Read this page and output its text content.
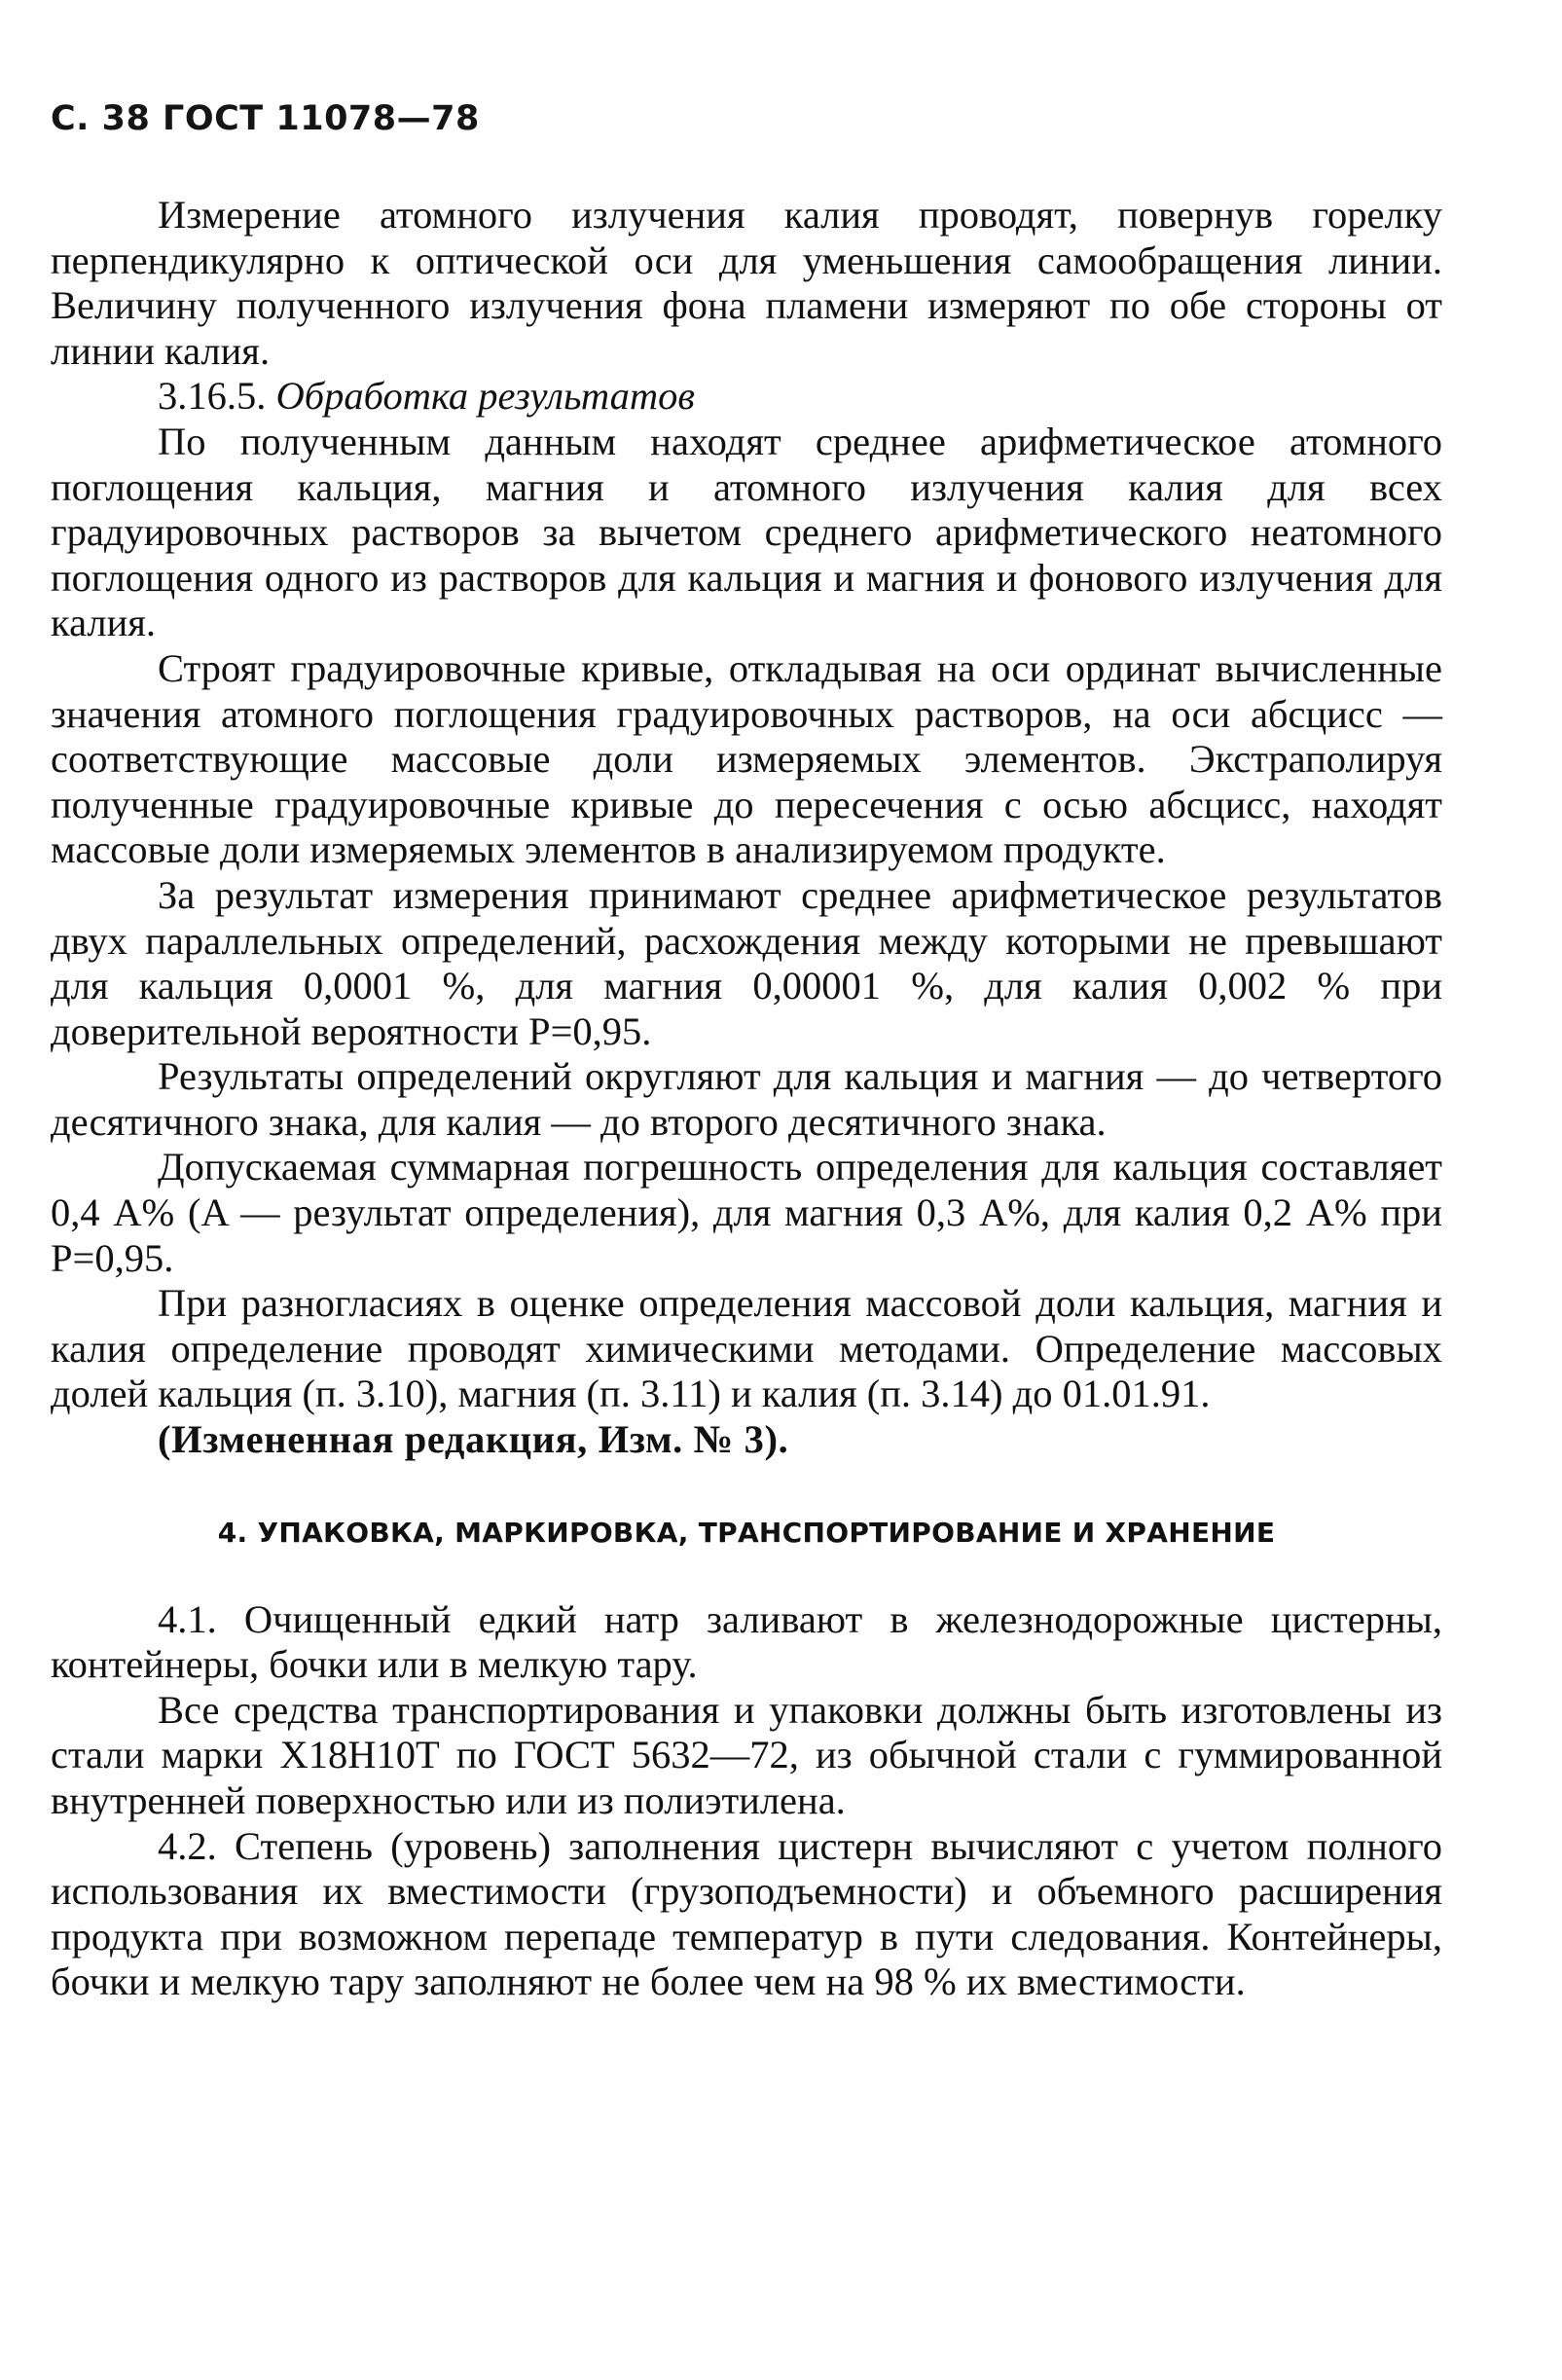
С. 38 ГОСТ 11078—78

Измерение атомного излучения калия проводят, повернув горелку перпендикулярно к оптической оси для уменьшения самообращения линии. Величину полученного излучения фона пламени измеряют по обе стороны от линии калия.

3.16.5. Обработка результатов

По полученным данным находят среднее арифметическое атомного поглощения кальция, магния и атомного излучения калия для всех градуировочных растворов за вычетом среднего арифметического неатомного поглощения одного из растворов для кальция и магния и фонового излучения для калия.

Строят градуировочные кривые, откладывая на оси ординат вычисленные значения атомного поглощения градуировочных растворов, на оси абсцисс — соответствующие массовые доли измеряемых элементов. Экстраполируя полученные градуировочные кривые до пересечения с осью абсцисс, находят массовые доли измеряемых элементов в анализируемом продукте.

За результат измерения принимают среднее арифметическое результатов двух параллельных определений, расхождения между которыми не превышают для кальция 0,0001 %, для магния 0,00001 %, для калия 0,002 % при доверительной вероятности P=0,95.

Результаты определений округляют для кальция и магния — до четвертого десятичного знака, для калия — до второго десятичного знака.

Допускаемая суммарная погрешность определения для кальция составляет 0,4 A% (A — результат определения), для магния 0,3 A%, для калия 0,2 A% при P=0,95.

При разногласиях в оценке определения массовой доли кальция, магния и калия определение проводят химическими методами. Определение массовых долей кальция (п. 3.10), магния (п. 3.11) и калия (п. 3.14) до 01.01.91.

(Измененная редакция, Изм. № 3).

4. УПАКОВКА, МАРКИРОВКА, ТРАНСПОРТИРОВАНИЕ И ХРАНЕНИЕ

4.1. Очищенный едкий натр заливают в железнодорожные цистерны, контейнеры, бочки или в мелкую тару.

Все средства транспортирования и упаковки должны быть изготовлены из стали марки Х18Н10Т по ГОСТ 5632—72, из обычной стали с гуммированной внутренней поверхностью или из полиэтилена.

4.2. Степень (уровень) заполнения цистерн вычисляют с учетом полного использования их вместимости (грузоподъемности) и объемного расширения продукта при возможном перепаде температур в пути следования. Контейнеры, бочки и мелкую тару заполняют не более чем на 98 % их вместимости.
